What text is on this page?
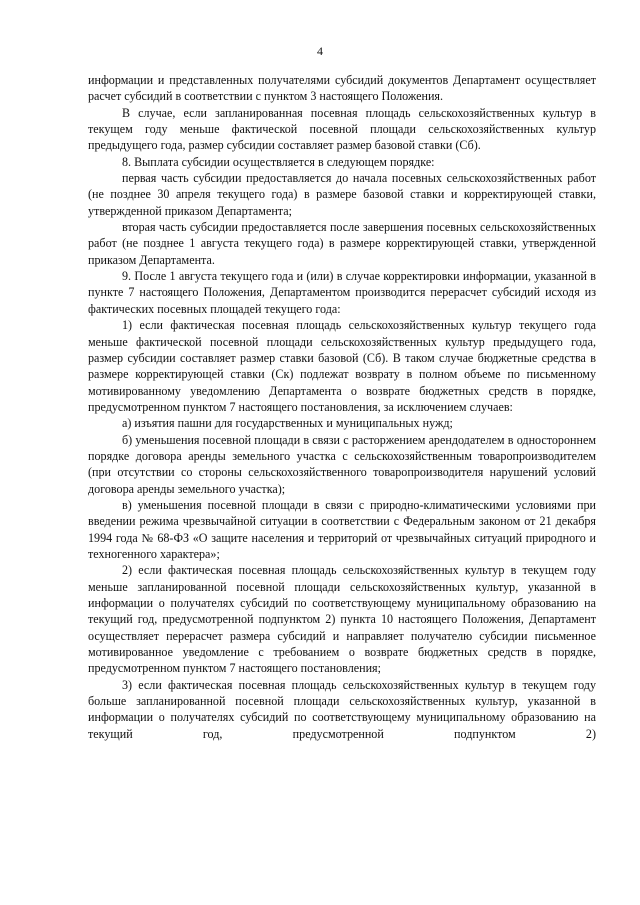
4

информации и представленных получателями субсидий документов Департамент осуществляет расчет субсидий в соответствии с пунктом 3 настоящего Положения.

В случае, если запланированная посевная площадь сельскохозяйственных культур в текущем году меньше фактической посевной площади сельскохозяйственных культур предыдущего года, размер субсидии составляет размер базовой ставки (Сб).

8. Выплата субсидии осуществляется в следующем порядке:

первая часть субсидии предоставляется до начала посевных сельскохозяйственных работ (не позднее 30 апреля текущего года) в размере базовой ставки и корректирующей ставки, утвержденной приказом Департамента;

вторая часть субсидии предоставляется после завершения посевных сельскохозяйственных работ (не позднее 1 августа текущего года) в размере корректирующей ставки, утвержденной приказом Департамента.

9. После 1 августа текущего года и (или) в случае корректировки информации, указанной в пункте 7 настоящего Положения, Департаментом производится перерасчет субсидий исходя из фактических посевных площадей текущего года:

1) если фактическая посевная площадь сельскохозяйственных культур текущего года меньше фактической посевной площади сельскохозяйственных культур предыдущего года, размер субсидии составляет размер ставки базовой (Сб). В таком случае бюджетные средства в размере корректирующей ставки (Ск) подлежат возврату в полном объеме по письменному мотивированному уведомлению Департамента о возврате бюджетных средств в порядке, предусмотренном пунктом 7 настоящего постановления, за исключением случаев:

а) изъятия пашни для государственных и муниципальных нужд;

б) уменьшения посевной площади в связи с расторжением арендодателем в одностороннем порядке договора аренды земельного участка с сельскохозяйственным товаропроизводителем (при отсутствии со стороны сельскохозяйственного товаропроизводителя нарушений условий договора аренды земельного участка);

в) уменьшения посевной площади в связи с природно-климатическими условиями при введении режима чрезвычайной ситуации в соответствии с Федеральным законом от 21 декабря 1994 года № 68-ФЗ «О защите населения и территорий от чрезвычайных ситуаций природного и техногенного характера»;

2) если фактическая посевная площадь сельскохозяйственных культур в текущем году меньше запланированной посевной площади сельскохозяйственных культур, указанной в информации о получателях субсидий по соответствующему муниципальному образованию на текущий год, предусмотренной подпунктом 2) пункта 10 настоящего Положения, Департамент осуществляет перерасчет размера субсидий и направляет получателю субсидии письменное мотивированное уведомление с требованием о возврате бюджетных средств в порядке, предусмотренном пунктом 7 настоящего постановления;

3) если фактическая посевная площадь сельскохозяйственных культур в текущем году больше запланированной посевной площади сельскохозяйственных культур, указанной в информации о получателях субсидий по соответствующему муниципальному образованию на текущий год, предусмотренной подпунктом 2)
